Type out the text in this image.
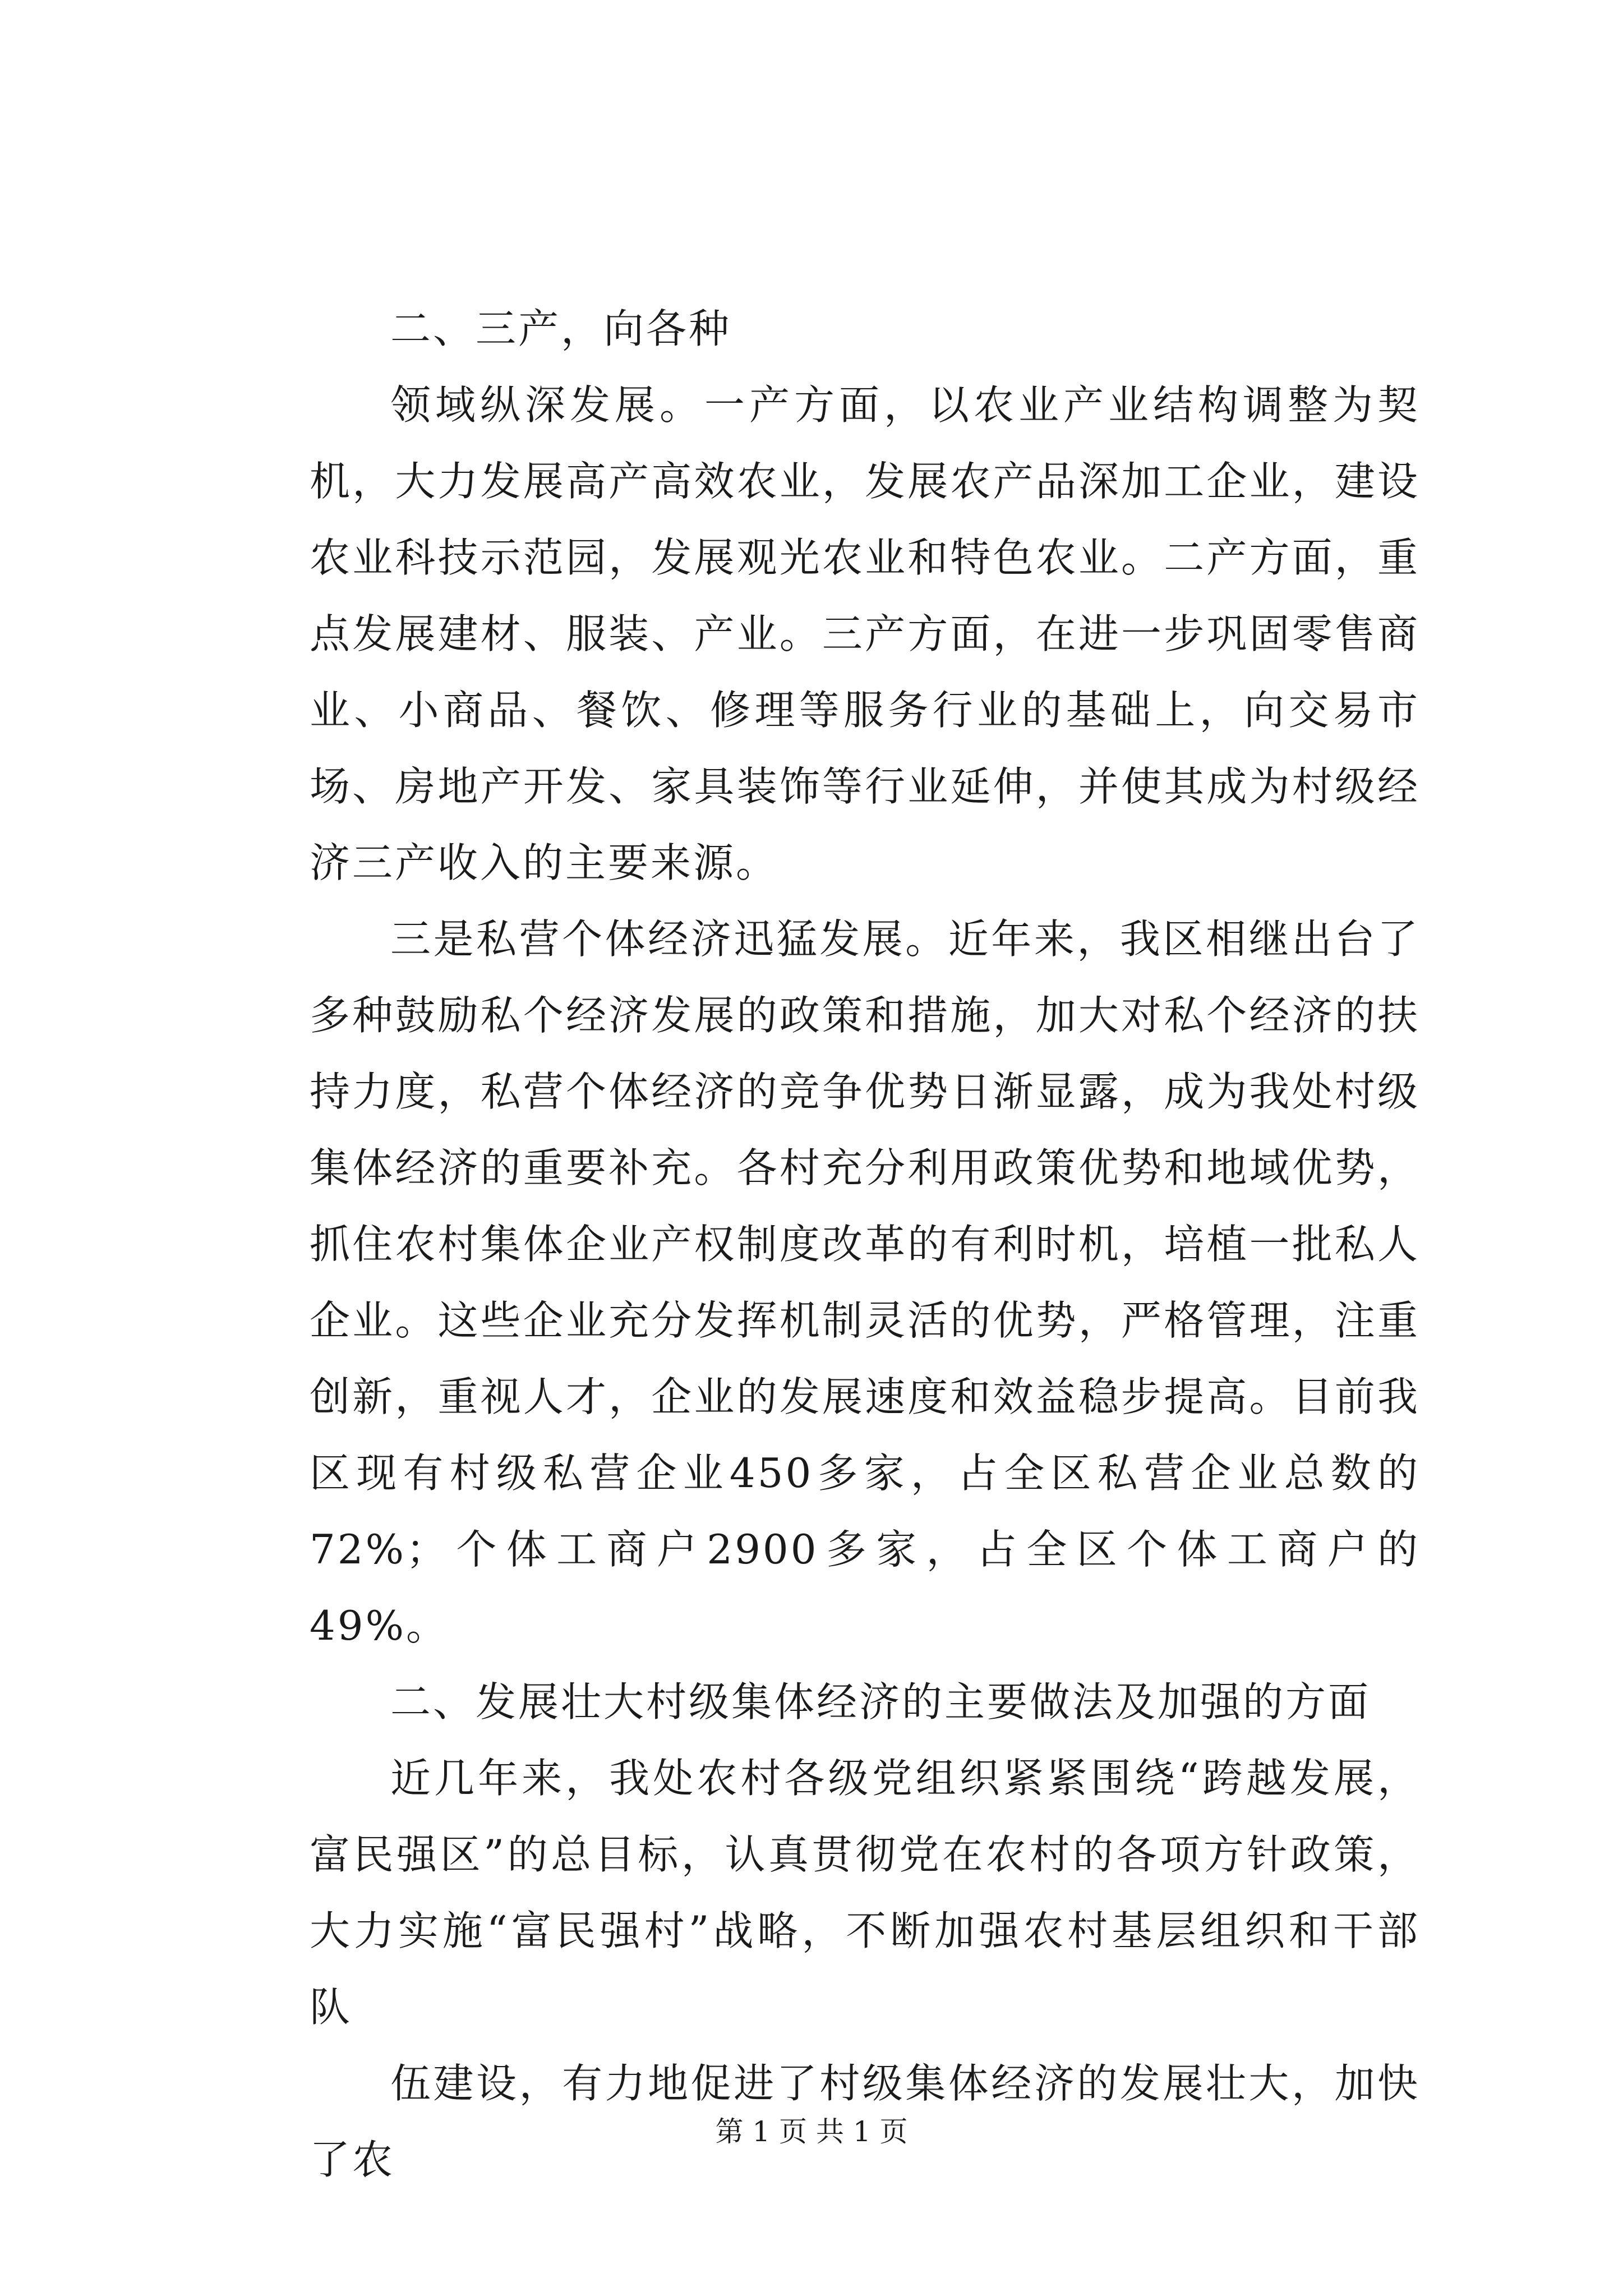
二、三产，向各种

领域纵深发展。一产方面，以农业产业结构调整为契机，大力发展高产高效农业，发展农产品深加工企业，建设农业科技示范园，发展观光农业和特色农业。二产方面，重点发展建材、服装、产业。三产方面，在进一步巩固零售商业、小商品、餐饮、修理等服务行业的基础上，向交易市场、房地产开发、家具装饰等行业延伸，并使其成为村级经济三产收入的主要来源。

三是私营个体经济迅猛发展。近年来，我区相继出台了多种鼓励私个经济发展的政策和措施，加大对私个经济的扶持力度，私营个体经济的竞争优势日渐显露，成为我处村级集体经济的重要补充。各村充分利用政策优势和地域优势，抓住农村集体企业产权制度改革的有利时机，培植一批私人企业。这些企业充分发挥机制灵活的优势，严格管理，注重创新，重视人才，企业的发展速度和效益稳步提高。目前我区现有村级私营企业450多家，占全区私营企业总数的72%；个体工商户2900多家，占全区个体工商户的49%。

二、发展壮大村级集体经济的主要做法及加强的方面

近几年来，我处农村各级党组织紧紧围绕“跨越发展，富民强区”的总目标，认真贯彻党在农村的各项方针政策，大力实施“富民强村”战略，不断加强农村基层组织和干部队

伍建设，有力地促进了村级集体经济的发展壮大，加快了农

第 1 页 共 1 页
